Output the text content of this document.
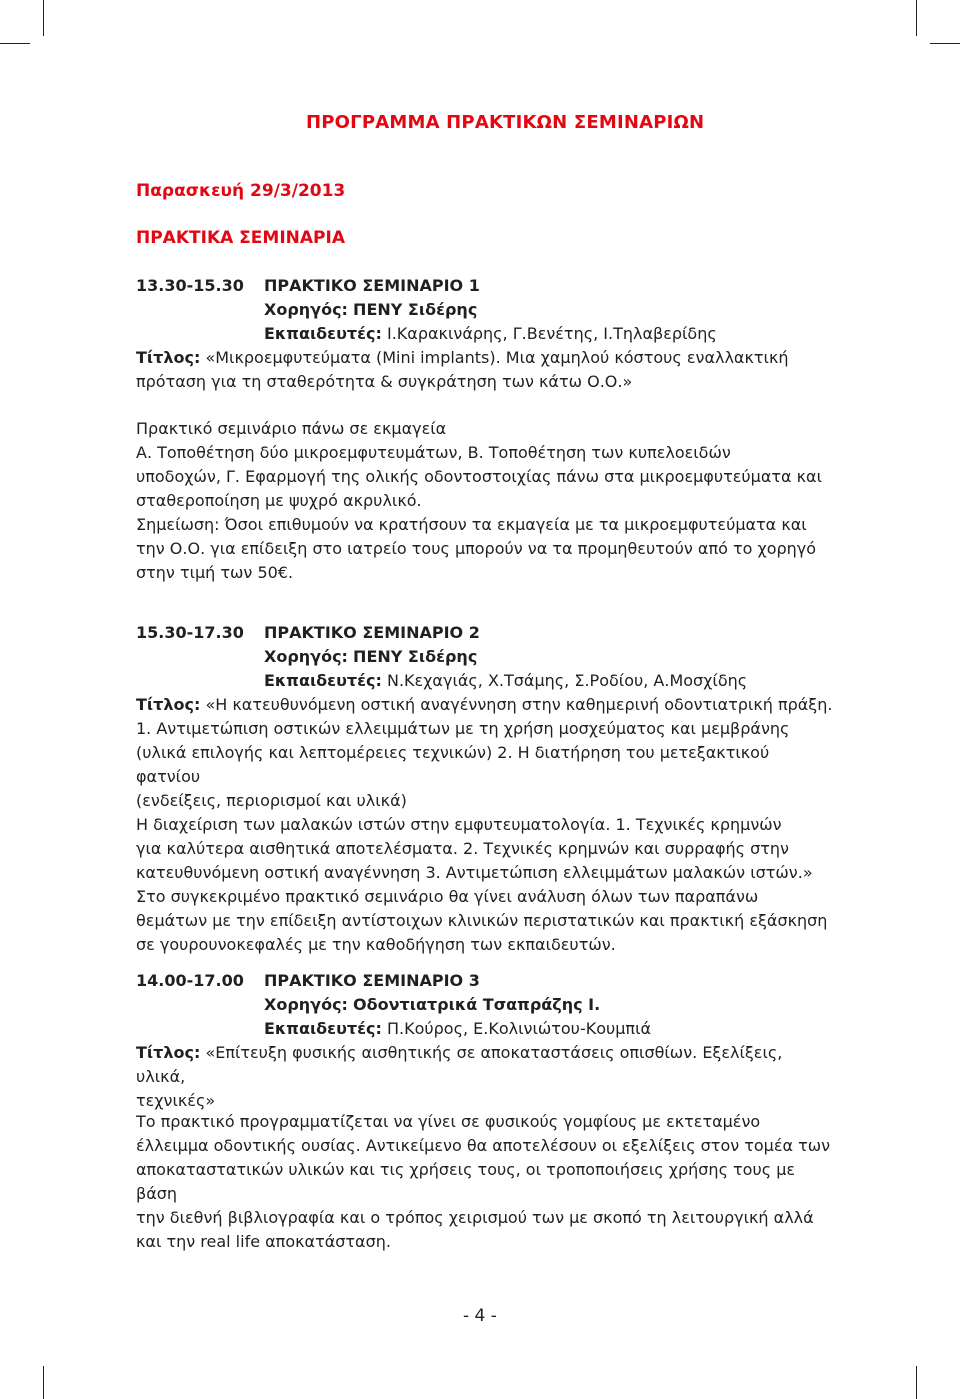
ΠΡΟΓΡΑΜΜΑ ΠΡΑΚΤΙΚΩΝ ΣΕΜΙΝΑΡΙΩΝ
Παρασκευή 29/3/2013
ΠΡΑΚΤΙΚΑ ΣΕΜΙΝΑΡΙΑ
13.30-15.30 ΠΡΑΚΤΙΚΟ ΣΕΜΙΝΑΡΙΟ 1
Χορηγός: ΠΕΝΥ Σιδέρης
Εκπαιδευτές: Ι.Καρακινάρης, Γ.Βενέτης, Ι.Τηλαβερίδης
Τίτλος: «Μικροεμφυτεύματα (Mini implants). Μια χαμηλού κόστους εναλλακτική
πρόταση για τη σταθερότητα & συγκράτηση των κάτω Ο.Ο.»
Πρακτικό σεμινάριο πάνω σε εκμαγεία
Α. Τοποθέτηση δύο μικροεμφυτευμάτων, Β. Τοποθέτηση των κυπελοειδών
υποδοχών, Γ. Εφαρμογή της ολικής οδοντοστοιχίας πάνω στα μικροεμφυτεύματα και
σταθεροποίηση με ψυχρό ακρυλικό.
Σημείωση: Όσοι επιθυμούν να κρατήσουν τα εκμαγεία με τα μικροεμφυτεύματα και
την Ο.Ο. για επίδειξη στο ιατρείο τους μπορούν να τα προμηθευτούν από το χορηγό
στην τιμή των 50€.
15.30-17.30 ΠΡΑΚΤΙΚΟ ΣΕΜΙΝΑΡΙΟ 2
Χορηγός: ΠΕΝΥ Σιδέρης
Εκπαιδευτές: Ν.Κεχαγιάς, Χ.Τσάμης, Σ.Ροδίου, Α.Μοσχίδης
Τίτλος: «Η κατευθυνόμενη οστική αναγέννηση στην καθημερινή οδοντιατρική πράξη.
1. Αντιμετώπιση οστικών ελλειμμάτων με τη χρήση μοσχεύματος και μεμβράνης
(υλικά επιλογής και λεπτομέρειες τεχνικών) 2. Η διατήρηση του μετεξακτικού φατνίου
(ενδείξεις, περιορισμοί και υλικά)
Η διαχείριση των μαλακών ιστών στην εμφυτευματολογία. 1. Τεχνικές κρημνών
για καλύτερα αισθητικά αποτελέσματα. 2. Τεχνικές κρημνών και συρραφής στην
κατευθυνόμενη οστική αναγέννηση 3. Αντιμετώπιση ελλειμμάτων μαλακών ιστών.»
Στο συγκεκριμένο πρακτικό σεμινάριο θα γίνει ανάλυση όλων των παραπάνω
θεμάτων με την επίδειξη αντίστοιχων κλινικών περιστατικών και πρακτική εξάσκηση
σε γουρουνοκεφαλές με την καθοδήγηση των εκπαιδευτών.
14.00-17.00 ΠΡΑΚΤΙΚΟ ΣΕΜΙΝΑΡΙΟ 3
Χορηγός: Οδοντιατρικά Τσαπράζης Ι.
Εκπαιδευτές: Π.Κούρος, Ε.Κολινιώτου-Κουμπιά
Τίτλος: «Επίτευξη φυσικής αισθητικής σε αποκαταστάσεις οπισθίων. Εξελίξεις, υλικά,
τεχνικές»
Το πρακτικό προγραμματίζεται να γίνει σε φυσικούς γομφίους με εκτεταμένο
έλλειμμα οδοντικής ουσίας. Αντικείμενο θα αποτελέσουν οι εξελίξεις στον τομέα των
αποκαταστατικών υλικών και τις χρήσεις τους, οι τροποποιήσεις χρήσης τους με βάση
την διεθνή βιβλιογραφία και ο τρόπος χειρισμού των με σκοπό τη λειτουργική αλλά
και την real life αποκατάσταση.
- 4 -
